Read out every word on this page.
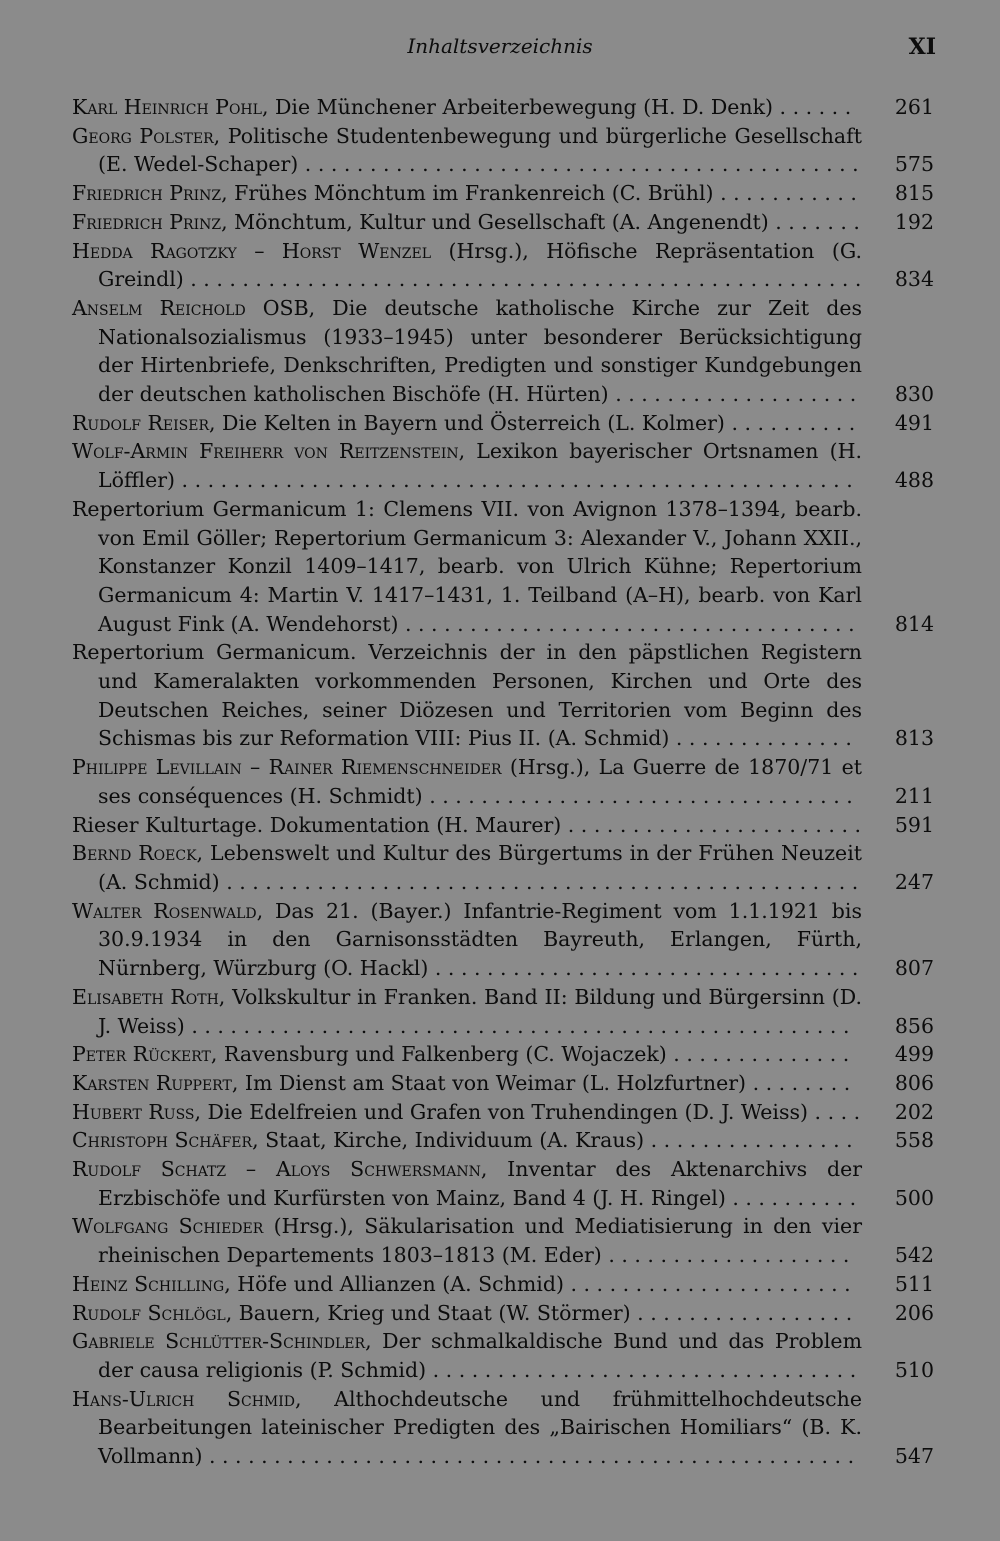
Inhaltsverzeichnis	XI
Karl Heinrich Pohl, Die Münchener Arbeiterbewegung (H. D. Denk) . . . . . .	261
Georg Polster, Politische Studentenbewegung und bürgerliche Gesellschaft (E. Wedel-Schaper) . . . . . . . . . . . . . . . . . . . . . . . . . . . . . . . . . . . . . . . . . . . 575
Friedrich Prinz, Frühes Mönchtum im Frankenreich (C. Brühl) . . . . . . . . . . . 815
Friedrich Prinz, Mönchtum, Kultur und Gesellschaft (A. Angenendt) . . . . . . . 192
Hedda Ragotzky – Horst Wenzel (Hrsg.), Höfische Repräsentation (G. Greindl) . . . . . . . . . . . . . . . . . . . . . . . . . . . . . . . . . . . . . . . . . . . . . . . . . . . . 834
Anselm Reichold OSB, Die deutsche katholische Kirche zur Zeit des Nationalsozialismus (1933–1945) unter besonderer Berücksichtigung der Hirtenbriefe, Denkschriften, Predigten und sonstiger Kundgebungen der deutschen katholischen Bischöfe (H. Hürten) . . . . . . . . . . . . . . . . . . . 830
Rudolf Reiser, Die Kelten in Bayern und Österreich (L. Kolmer) . . . . . . . . . .	491
Wolf-Armin Freiherr von Reitzenstein, Lexikon bayerischer Ortsnamen (H. Löffler) . . . . . . . . . . . . . . . . . . . . . . . . . . . . . . . . . . . . . . . . . . . . . . . . . . . .	488
Repertorium Germanicum 1: Clemens VII. von Avignon 1378–1394, bearb. von Emil Göller; Repertorium Germanicum 3: Alexander V., Johann XXII., Konstanzer Konzil 1409–1417, bearb. von Ulrich Kühne; Repertorium Germanicum 4: Martin V. 1417–1431, 1. Teilband (A–H), bearb. von Karl August Fink (A. Wendehorst) . . . . . . . . . . . . . . . . . . . . . . . . . . . . . . . . . . .	814
Repertorium Germanicum. Verzeichnis der in den päpstlichen Registern und Kameralakten vorkommenden Personen, Kirchen und Orte des Deutschen Reiches, seiner Diözesen und Territorien vom Beginn des Schismas bis zur Reformation VIII: Pius II. (A. Schmid) . . . . . . . . . . . . . .	813
Philippe Levillain – Rainer Riemenschneider (Hrsg.), La Guerre de 1870/71 et ses conséquences (H. Schmidt) . . . . . . . . . . . . . . . . . . . . . . . . . . . . . . . . .	211
Rieser Kulturtage. Dokumentation (H. Maurer) . . . . . . . . . . . . . . . . . . . . . . . 591
Bernd Roeck, Lebenswelt und Kultur des Bürgertums in der Frühen Neuzeit (A. Schmid) . . . . . . . . . . . . . . . . . . . . . . . . . . . . . . . . . . . . . . . . . . . . . . . . . 247
Walter Rosenwald, Das 21. (Bayer.) Infantrie-Regiment vom 1.1.1921 bis 30.9.1934 in den Garnisonsstädten Bayreuth, Erlangen, Fürth, Nürnberg, Würzburg (O. Hackl) . . . . . . . . . . . . . . . . . . . . . . . . . . . . . . . . . 807
Elisabeth Roth, Volkskultur in Franken. Band II: Bildung und Bürgersinn (D. J. Weiss) . . . . . . . . . . . . . . . . . . . . . . . . . . . . . . . . . . . . . . . . . . . . . . . . . . .	856
Peter Rückert, Ravensburg und Falkenberg (C. Wojaczek) . . . . . . . . . . . . . .	499
Karsten Ruppert, Im Dienst am Staat von Weimar (L. Holzfurtner) . . . . . . . .	806
Hubert Russ, Die Edelfreien und Grafen von Truhendingen (D. J. Weiss) . . . . 202
Christoph Schäfer, Staat, Kirche, Individuum (A. Kraus) . . . . . . . . . . . . . . . .	558
Rudolf Schatz – Aloys Schwersmann, Inventar des Aktenarchivs der Erzbischöfe und Kurfürsten von Mainz, Band 4 (J. H. Ringel) . . . . . . . . . . 500
Wolfgang Schieder (Hrsg.), Säkularisation und Mediatisierung in den vier rheinischen Departements 1803–1813 (M. Eder) . . . . . . . . . . . . . . . . . . .	542
Heinz Schilling, Höfe und Allianzen (A. Schmid) . . . . . . . . . . . . . . . . . . . . . .	511
Rudolf Schlögl, Bauern, Krieg und Staat (W. Störmer) . . . . . . . . . . . . . . . . .	206
Gabriele Schlütter-Schindler, Der schmalkaldische Bund und das Problem der causa religionis (P. Schmid) . . . . . . . . . . . . . . . . . . . . . . . . . . . . . . . . . 510
Hans-Ulrich Schmid, Althochdeutsche und frühmittelhochdeutsche Bearbeitungen lateinischer Predigten des „Bairischen Homiliars“ (B. K. Vollmann) . . . . . . . . . . . . . . . . . . . . . . . . . . . . . . . . . . . . . . . . . . . . . . . . . .	547
